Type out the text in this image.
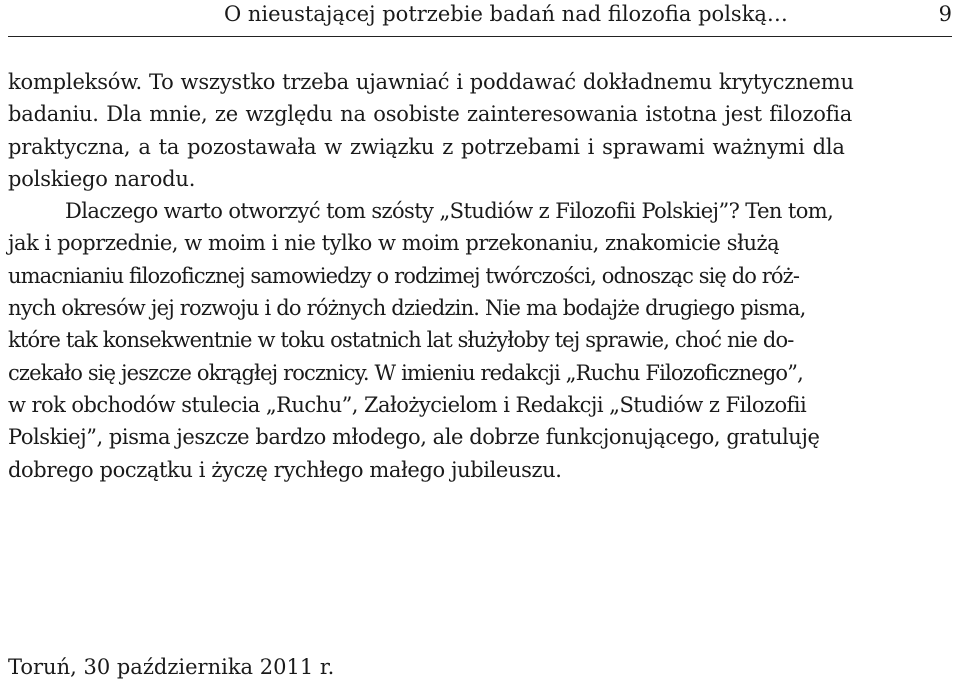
O nieustającej potrzebie badań nad filozofia polską…	9
kompleksów. To wszystko trzeba ujawniać i poddawać dokładnemu krytycznemu
badaniu. Dla mnie, ze względu na osobiste zainteresowania istotna jest filozofia
praktyczna, a ta pozostawała w związku z potrzebami i sprawami ważnymi dla
polskiego narodu.
Dlaczego warto otworzyć tom szósty „Studiów z Filozofii Polskiej”? Ten tom,
jak i poprzednie, w moim i nie tylko w moim przekonaniu, znakomicie służą
umacnianiu filozoficznej samowiedzy o rodzimej twórczości, odnosząc się do róż-
nych okresów jej rozwoju i do różnych dziedzin. Nie ma bodajże drugiego pisma,
które tak konsekwentnie w toku ostatnich lat służyłoby tej sprawie, choć nie do-
czekało się jeszcze okrągłej rocznicy. W imieniu redakcji „Ruchu Filozoficznego”,
w rok obchodów stulecia „Ruchu”, Założycielom i Redakcji „Studiów z Filozofii
Polskiej”, pisma jeszcze bardzo młodego, ale dobrze funkcjonującego, gratuluję
dobrego początku i życzę rychłego małego jubileuszu.
Toruń, 30 października 2011 r.
